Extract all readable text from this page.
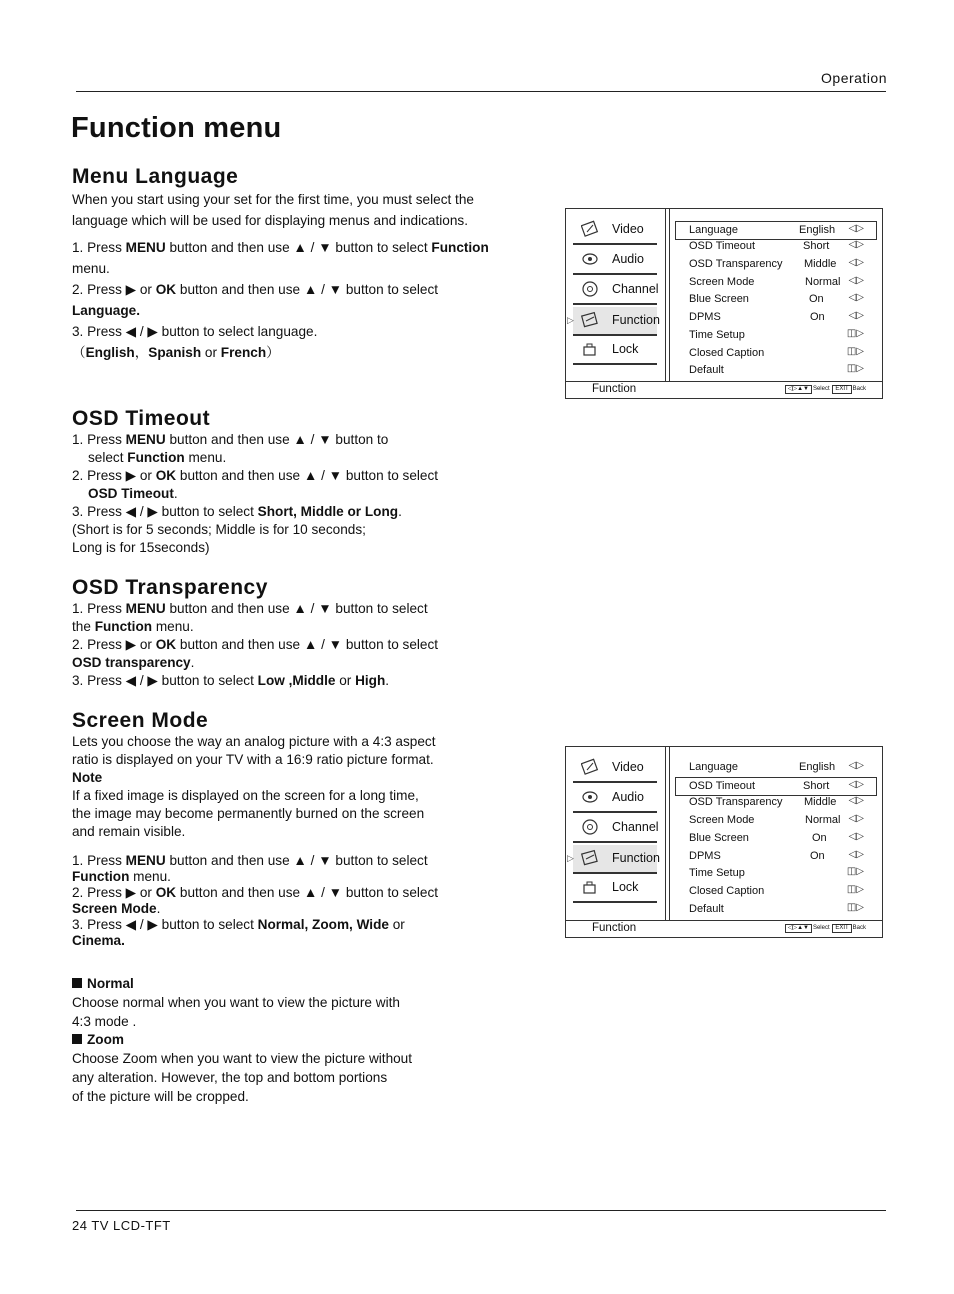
Operation
Function menu
Menu Language

When you start using your set for the first time, you must select the language which will be used for displaying menus and indications.

1. Press MENU button and then use ▲ / ▼ button to select Function menu.

2. Press ▶ or OK button and then use ▲ / ▼ button to select Language.

3. Press ◀ / ▶ button to select language.

（English，Spanish or French）

OSD Timeout

1. Press MENU button and then use ▲ / ▼ button to

select Function menu.

2. Press ▶ or OK button and then use ▲ / ▼ button to select

OSD Timeout.

3. Press ◀ / ▶ button to select Short, Middle or Long.

(Short is for 5 seconds; Middle is for 10 seconds;

Long is for 15seconds)

OSD Transparency

1. Press MENU button and then use ▲ / ▼ button to select

the Function menu.

2. Press ▶ or OK button and then use ▲ / ▼ button to select

OSD transparency.

3. Press ◀ / ▶ button to select Low ,Middle or High.

Screen Mode

Lets you choose the way an analog picture with a 4:3 aspect

ratio is displayed on your TV with a 16:9 ratio picture format.

Note

If a fixed image is displayed on the screen for a long time,

the image may become permanently burned on the screen

and remain visible.

1. Press MENU button and then use ▲ / ▼ button to select

Function menu.

2. Press ▶ or OK button and then use ▲ / ▼ button to select

Screen Mode.

3. Press ◀ / ▶ button to select Normal, Zoom, Wide or

Cinema.

Normal

Choose normal when you want to view the picture with

4:3 mode .

Zoom

Choose Zoom when you want to view the picture without

any alteration. However, the top and bottom portions

of the picture will be cropped.

Video
Audio
Channel
▷	Function
Lock
Language	English	◁▷
OSD Timeout	Short	◁▷
OSD Transparency Middle	◁▷
Screen Mode	Normal ◁▷
Blue Screen	On	◁▷
DPMS	On	◁▷
Time Setup	◫▷
Closed Caption	◫▷
Default	◫▷
Function	◁▷▲▼ Select EXIT Back
Video
Audio
Channel
▷	Function
Lock
Language	English	◁▷
OSD Timeout	Short	◁▷
OSD Transparency Middle	◁▷
Screen Mode	Normal ◁▷
Blue Screen	On	◁▷
DPMS	On	◁▷
Time Setup	◫▷
Closed Caption	◫▷
Default	◫▷
Function	◁▷▲▼ Select EXIT Back
24 TV LCD-TFT
